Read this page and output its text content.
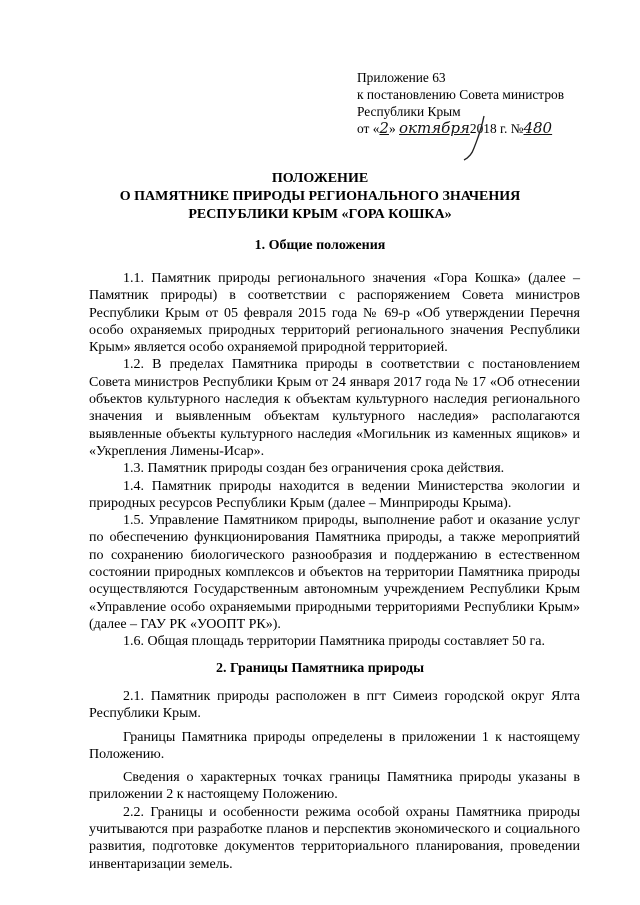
Приложение 63
к постановлению Совета министров
Республики Крым
от «2» октября2018 г. №480
ПОЛОЖЕНИЕ
О ПАМЯТНИКЕ ПРИРОДЫ РЕГИОНАЛЬНОГО ЗНАЧЕНИЯ
РЕСПУБЛИКИ КРЫМ «ГОРА КОШКА»
1. Общие положения

1.1. Памятник природы регионального значения «Гора Кошка» (далее – Памятник природы) в соответствии с распоряжением Совета министров Республики Крым от 05 февраля 2015 года № 69-р «Об утверждении Перечня особо охраняемых природных территорий регионального значения Республики Крым» является особо охраняемой природной территорией.

1.2. В пределах Памятника природы в соответствии с постановлением Совета министров Республики Крым от 24 января 2017 года № 17 «Об отнесении объектов культурного наследия к объектам культурного наследия регионального значения и выявленным объектам культурного наследия» располагаются выявленные объекты культурного наследия «Могильник из каменных ящиков» и «Укрепления Лимены-Исар».

1.3. Памятник природы создан без ограничения срока действия.

1.4. Памятник природы находится в ведении Министерства экологии и природных ресурсов Республики Крым (далее – Минприроды Крыма).

1.5. Управление Памятником природы, выполнение работ и оказание услуг по обеспечению функционирования Памятника природы, а также мероприятий по сохранению биологического разнообразия и поддержанию в естественном состоянии природных комплексов и объектов на территории Памятника природы осуществляются Государственным автономным учреждением Республики Крым «Управление особо охраняемыми природными территориями Республики Крым» (далее – ГАУ РК «УООПТ РК»).

1.6. Общая площадь территории Памятника природы составляет 50 га.

2. Границы Памятника природы

2.1. Памятник природы расположен в пгт Симеиз городской округ Ялта Республики Крым.

Границы Памятника природы определены в приложении 1 к настоящему Положению.

Сведения о характерных точках границы Памятника природы указаны в приложении 2 к настоящему Положению.

2.2. Границы и особенности режима особой охраны Памятника природы учитываются при разработке планов и перспектив экономического и социального развития, подготовке документов территориального планирования, проведении инвентаризации земель.
